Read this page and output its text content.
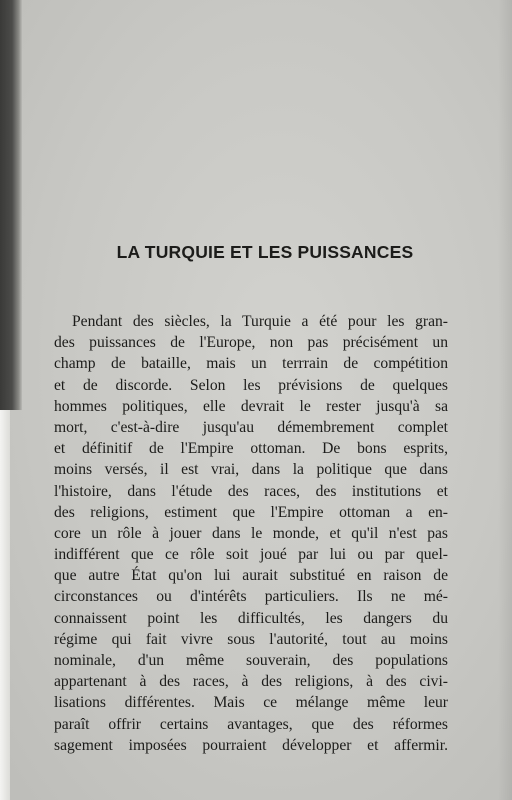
LA TURQUIE ET LES PUISSANCES
Pendant des siècles, la Turquie a été pour les gran-
des puissances de l'Europe, non pas précisément un
champ de bataille, mais un terrrain de compétition
et de discorde. Selon les prévisions de quelques
hommes politiques, elle devrait le rester jusqu'à sa
mort, c'est-à-dire jusqu'au démembrement complet
et définitif de l'Empire ottoman. De bons esprits,
moins versés, il est vrai, dans la politique que dans
l'histoire, dans l'étude des races, des institutions et
des religions, estiment que l'Empire ottoman a en-
core un rôle à jouer dans le monde, et qu'il n'est pas
indifférent que ce rôle soit joué par lui ou par quel-
que autre État qu'on lui aurait substitué en raison de
circonstances ou d'intérêts particuliers. Ils ne mé-
connaissent point les difficultés, les dangers du
régime qui fait vivre sous l'autorité, tout au moins
nominale, d'un même souverain, des populations
appartenant à des races, à des religions, à des civi-
lisations différentes. Mais ce mélange même leur
paraît offrir certains avantages, que des réformes
sagement imposées pourraient développer et affermir.
